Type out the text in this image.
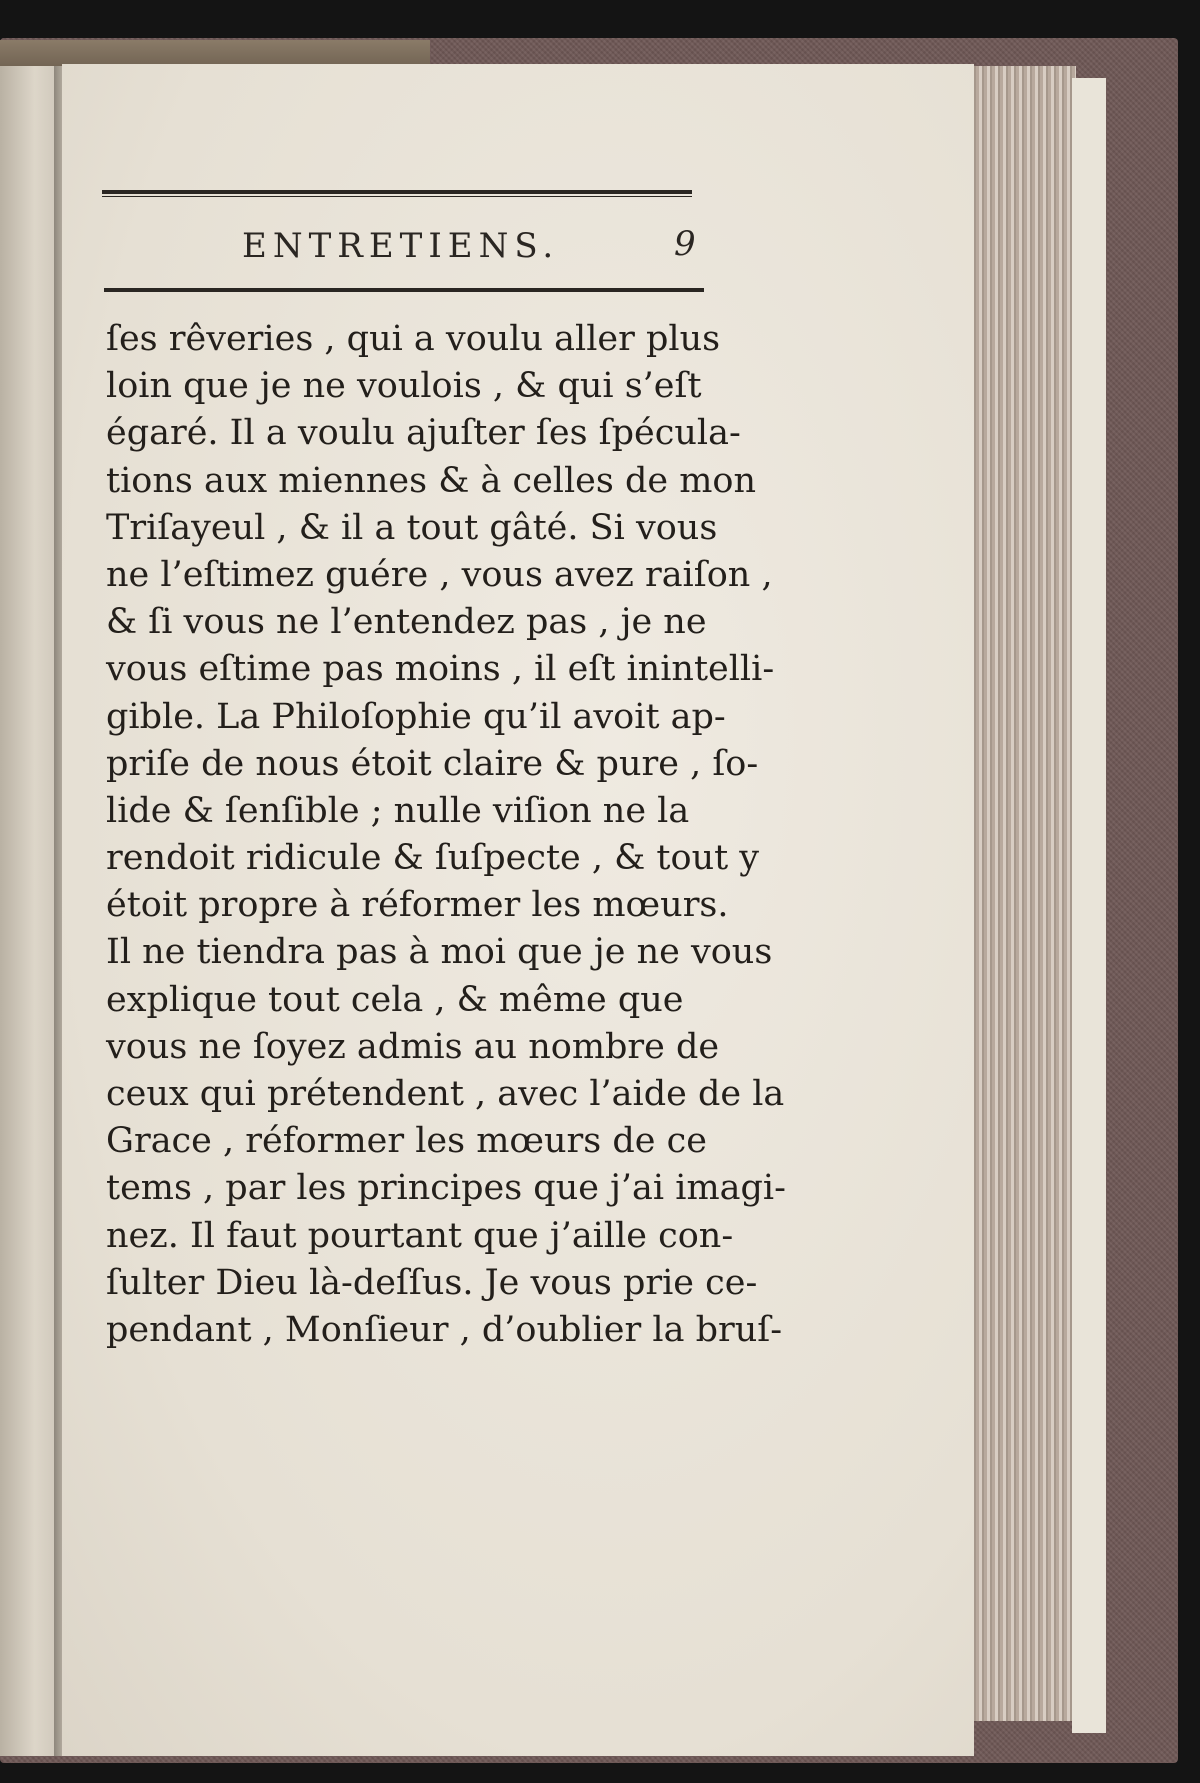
ENTRETIENS.	9
ſes rêveries , qui a voulu aller plus
loin que je ne voulois , & qui s’eſt
égaré. Il a voulu ajuſter ſes ſpécula-
tions aux miennes & à celles de mon
Triſayeul , & il a tout gâté. Si vous
ne l’eſtimez guére , vous avez raiſon ,
& ſi vous ne l’entendez pas , je ne
vous eſtime pas moins , il eſt inintelli-
gible. La Philoſophie qu’il avoit ap-
priſe de nous étoit claire & pure , ſo-
lide & ſenſible ; nulle viſion ne la
rendoit ridicule & ſuſpecte , & tout y
étoit propre à réformer les mœurs.
Il ne tiendra pas à moi que je ne vous
explique tout cela , & même que
vous ne ſoyez admis au nombre de
ceux qui prétendent , avec l’aide de la
Grace , réformer les mœurs de ce
tems , par les principes que j’ai imagi-
nez. Il faut pourtant que j’aille con-
ſulter Dieu là-deſſus. Je vous prie ce-
pendant , Monſieur , d’oublier la bruſ-
